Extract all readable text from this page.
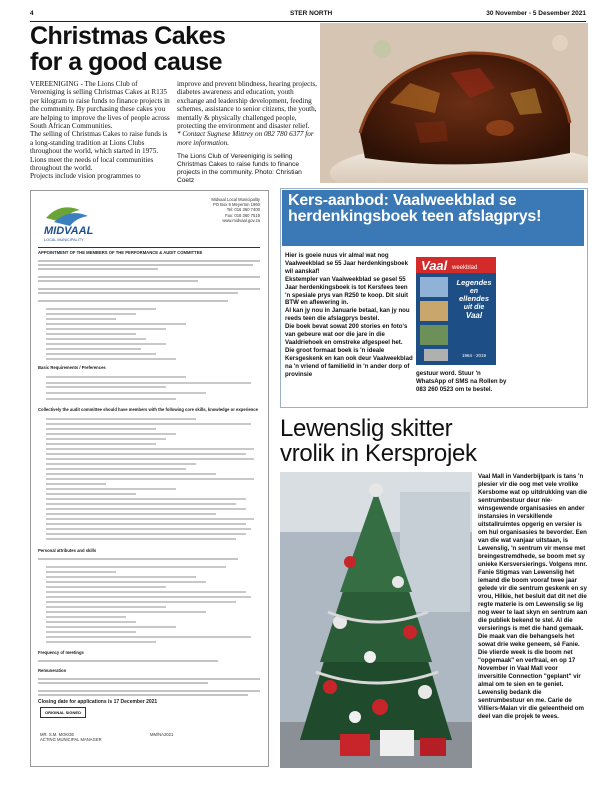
4	STER NORTH	30 November - 5 Desember 2021
Christmas Cakes
for a good cause

VEREENIGING - The Lions Club of Vereeniging is selling Christmas Cakes at R135 per kilogram to raise funds to finance projects in the community. By purchasing these cakes you are helping to improve the lives of people across South African Communities.

The selling of Christmas Cakes to raise funds is a long-standing tradition at Lions Clubs throughout the world, which started in 1975.

Lions meet the needs of local communities throughout the world.

Projects include vision programmes to

improve and prevent blindness, hearing projects, diabetes awareness and education, youth exchange and leadership development, feeding schemes, assistance to senior citizens, the youth, mentally & physically challenged people, protecting the environment and disaster relief.

* Contact Sugnese Mittrey on 082 780 6377 for more information.

The Lions Club of Vereeniging is selling Christmas Cakes to raise funds to finance projects in the community. Photo: Christian Coetz

MIDVAAL
LOCAL MUNICIPALITY
Midvaal Local Municipality
PO Box 9 Meyerton 1960
Tel: 016 360 7400
Fax: 016 360 7519
www.midvaal.gov.za
APPOINTMENT OF THE MEMBERS OF THE PERFORMANCE & AUDIT COMMITTEE
Basic Requirements / Preferences
Collectively the audit committee should have members with the following core skills, knowledge or experience
Personal attributes and skills
Frequency of meetings
Remuneration
Closing date for applications is 17 December 2021
ORIGINAL SIGNED
MR. S.M. MOKOE
ACTING MUNICIPAL MANAGER
MM/NA2021
Kers-aanbod: Vaalweekblad se herdenkingsboek teen afslagprys!
Hier is goeie nuus vir almal wat nog Vaalweekblad se 55 Jaar herdenkingsboek wil aanskaf!
Ekstempler van Vaalweekblad se gesel 55 Jaar herdenkingsboek is tot Kersfees teen 'n spesiale prys van R250 te koop. Dit sluit BTW en aflewering in.
Al kan jy nou in Januarie betaal, kan jy nou reeds teen die afslagprys bestel.
Die boek bevat sowat 200 stories en foto's van gebeure wat oor die jare in die Vaaldriehoek en omstreke afgespeel het.
Die groot formaat boek is 'n ideale Kersgeskenk en kan ook deur Vaalweekblad na 'n vriend of familielid in 'n ander dorp of provinsie
Vaal weekblad
Legendes
en
ellendes
uit die
Vaal
1964 - 2019
gestuur word. Stuur 'n WhatsApp of SMS na Rollen by 083 260 0523 om te bestel.
Lewenslig skitter
vrolik in Kersprojek
Vaal Mall in Vanderbijlpark is tans 'n plesier vir die oog met vele vrolike Kersbome wat op uitdrukking van die sentrumbestuur deur nie-winsgewende organisasies en ander instansies in verskillende uitstallruimtes opgerig en versier is om hul organisasies te bevorder. Een van die wat vanjaar uitstaan, is Lewenslig, 'n sentrum vir mense met breingestremdhede, se boom met sy unieke Kersversierings. Volgens mnr. Fanie Stigmas van Lewenslig het iemand die boom vooraf twee jaar gelede vir die sentrum geskenk en sy vrou, Hilkie, het besluit dat dit net die regte materie is om Lewenslig se lig nog weer te laat skyn en sentrum aan die publiek bekend te stel. Al die versierings is met die hand gemaak. Die maak van die behangsels het sowat drie weke geneem, sê Fanie. Die vlierde week is die boom net "opgemaak" en verfraai, en op 17 November in Vaal Mall voor inversitile Connection "geplant" vir almal om te sien en te geniet. Lewenslig bedank die sentrumbestuur en me. Carie de Villiers-Malan vir die geleentheid om deel van die projek te wees.
